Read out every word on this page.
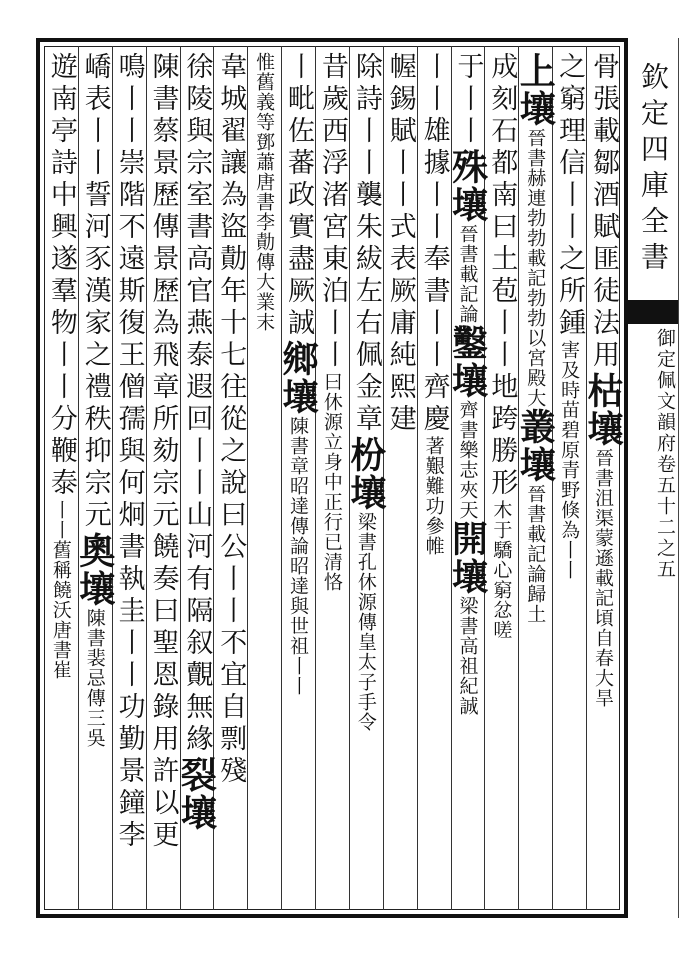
骨張載鄒酒賦匪徒法用枯壤晉書沮渠蒙遜載記頃自春大旱
之窮理信丨丨之所鍾害及時苗碧原青野倏為丨丨
上壤晉書赫連勃勃載記勃勃以宮殿大叢壤晉書載記論歸土
成刻石都南曰土苞丨丨地跨勝形木于驕心窮忿嗟
于丨丨殊壤晉書載記論鑿壤齊書樂志夾天開壤梁書高祖紀誠
丨丨雄據丨丨奉書丨丨齊慶著艱難功參帷
幄錫賦丨丨式表厥庸純熙建
除詩丨丨襲朱紱左右佩金章枌壤梁書孔休源傳皇太子手令
昔歲西浮渚宮東泊丨丨曰休源立身中正行已清恪
丨毗佐蕃政實盡厥誠鄉壤陳書章昭達傳論昭達與世祖丨丨
惟舊義等鄧蕭唐書李勣傳大業末
韋城翟讓為盜勣年十七往從之說曰公丨丨不宜自剽殘
徐陵與宗室書高官燕泰遐回丨丨山河有隔叙覿無緣裂壤
陳書蔡景歷傳景歷為飛章所劾宗元饒奏曰聖恩錄用許以更
鳴丨丨崇階不遠斯復王僧孺與何炯書執圭丨丨功勤景鐘李
嶠表丨丨誓河豕漢家之禮秩抑宗元奧壤陳書裴忌傳三吳
遊南亭詩中興遂羣物丨丨分鞭泰丨丨舊稱饒沃唐書崔
欽定四庫全書
御定佩文韻府卷五十二之五
